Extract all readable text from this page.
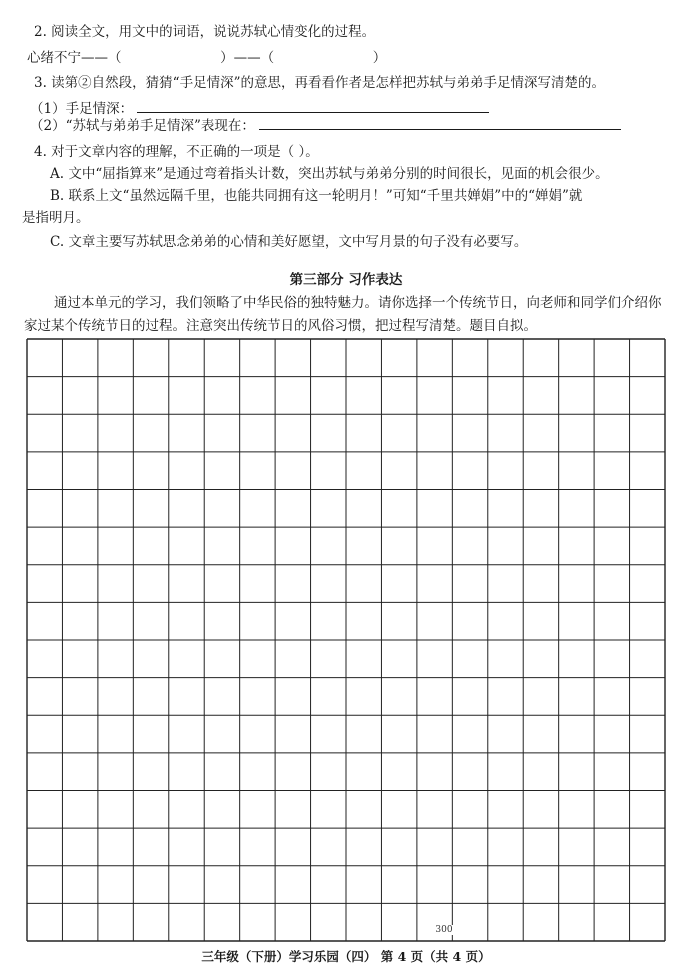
2. 阅读全文，用文中的词语，说说苏轼心情变化的过程。
心绪不宁——（	）——（	）
3. 读第②自然段，猜猜“手足情深”的意思，再看看作者是怎样把苏轼与弟弟手足情深写清楚的。
（1）手足情深：
（2）“苏轼与弟弟手足情深”表现在：
4. 对于文章内容的理解，不正确的一项是（ ）。
A. 文中“屈指算来”是通过弯着指头计数，突出苏轼与弟弟分别的时间很长，见面的机会很少。
B. 联系上文“虽然远隔千里，也能共同拥有这一轮明月！”可知“千里共婵娟”中的“婵娟”就
是指明月。
C. 文章主要写苏轼思念弟弟的心情和美好愿望，文中写月景的句子没有必要写。
第三部分 习作表达
通过本单元的学习，我们领略了中华民俗的独特魅力。请你选择一个传统节日，向老师和同学们介绍你
家过某个传统节日的过程。注意突出传统节日的风俗习惯，把过程写清楚。题目自拟。
300
三年级（下册）学习乐园（四） 第 4 页（共 4 页）
